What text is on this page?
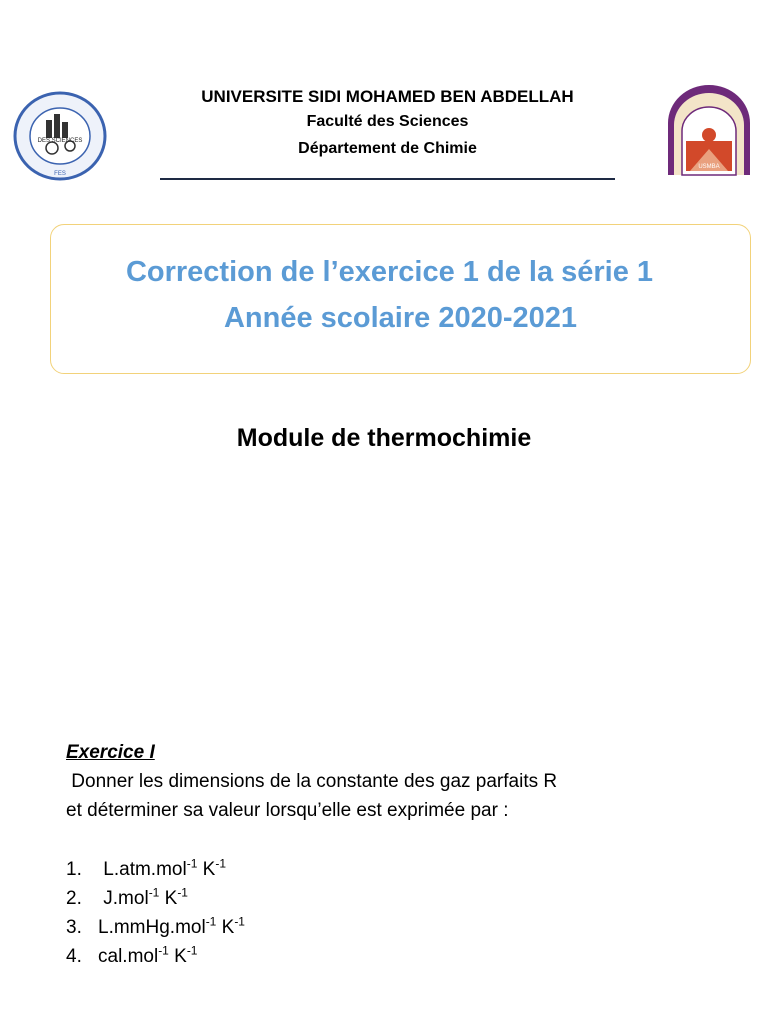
DES SCIENCES
FES
UNIVERSITE SIDI MOHAMED BEN ABDELLAH
Faculté des Sciences
Département de Chimie
USMBA
Correction de l’exercice 1 de la série 1
Année scolaire 2020-2021
Module de thermochimie
Exercice I
Donner les dimensions de la constante des gaz parfaits R
et déterminer sa valeur lorsqu’elle est exprimée par :
1. L.atm.mol$^{-1}$ $K^{-1}$
2. J.mol$^{-1}$ $K^{-1}$
3. L.mmHg.mol$^{-1}$ $K^{-1}$
4. cal.mol$^{-1}$ $K^{-1}$
